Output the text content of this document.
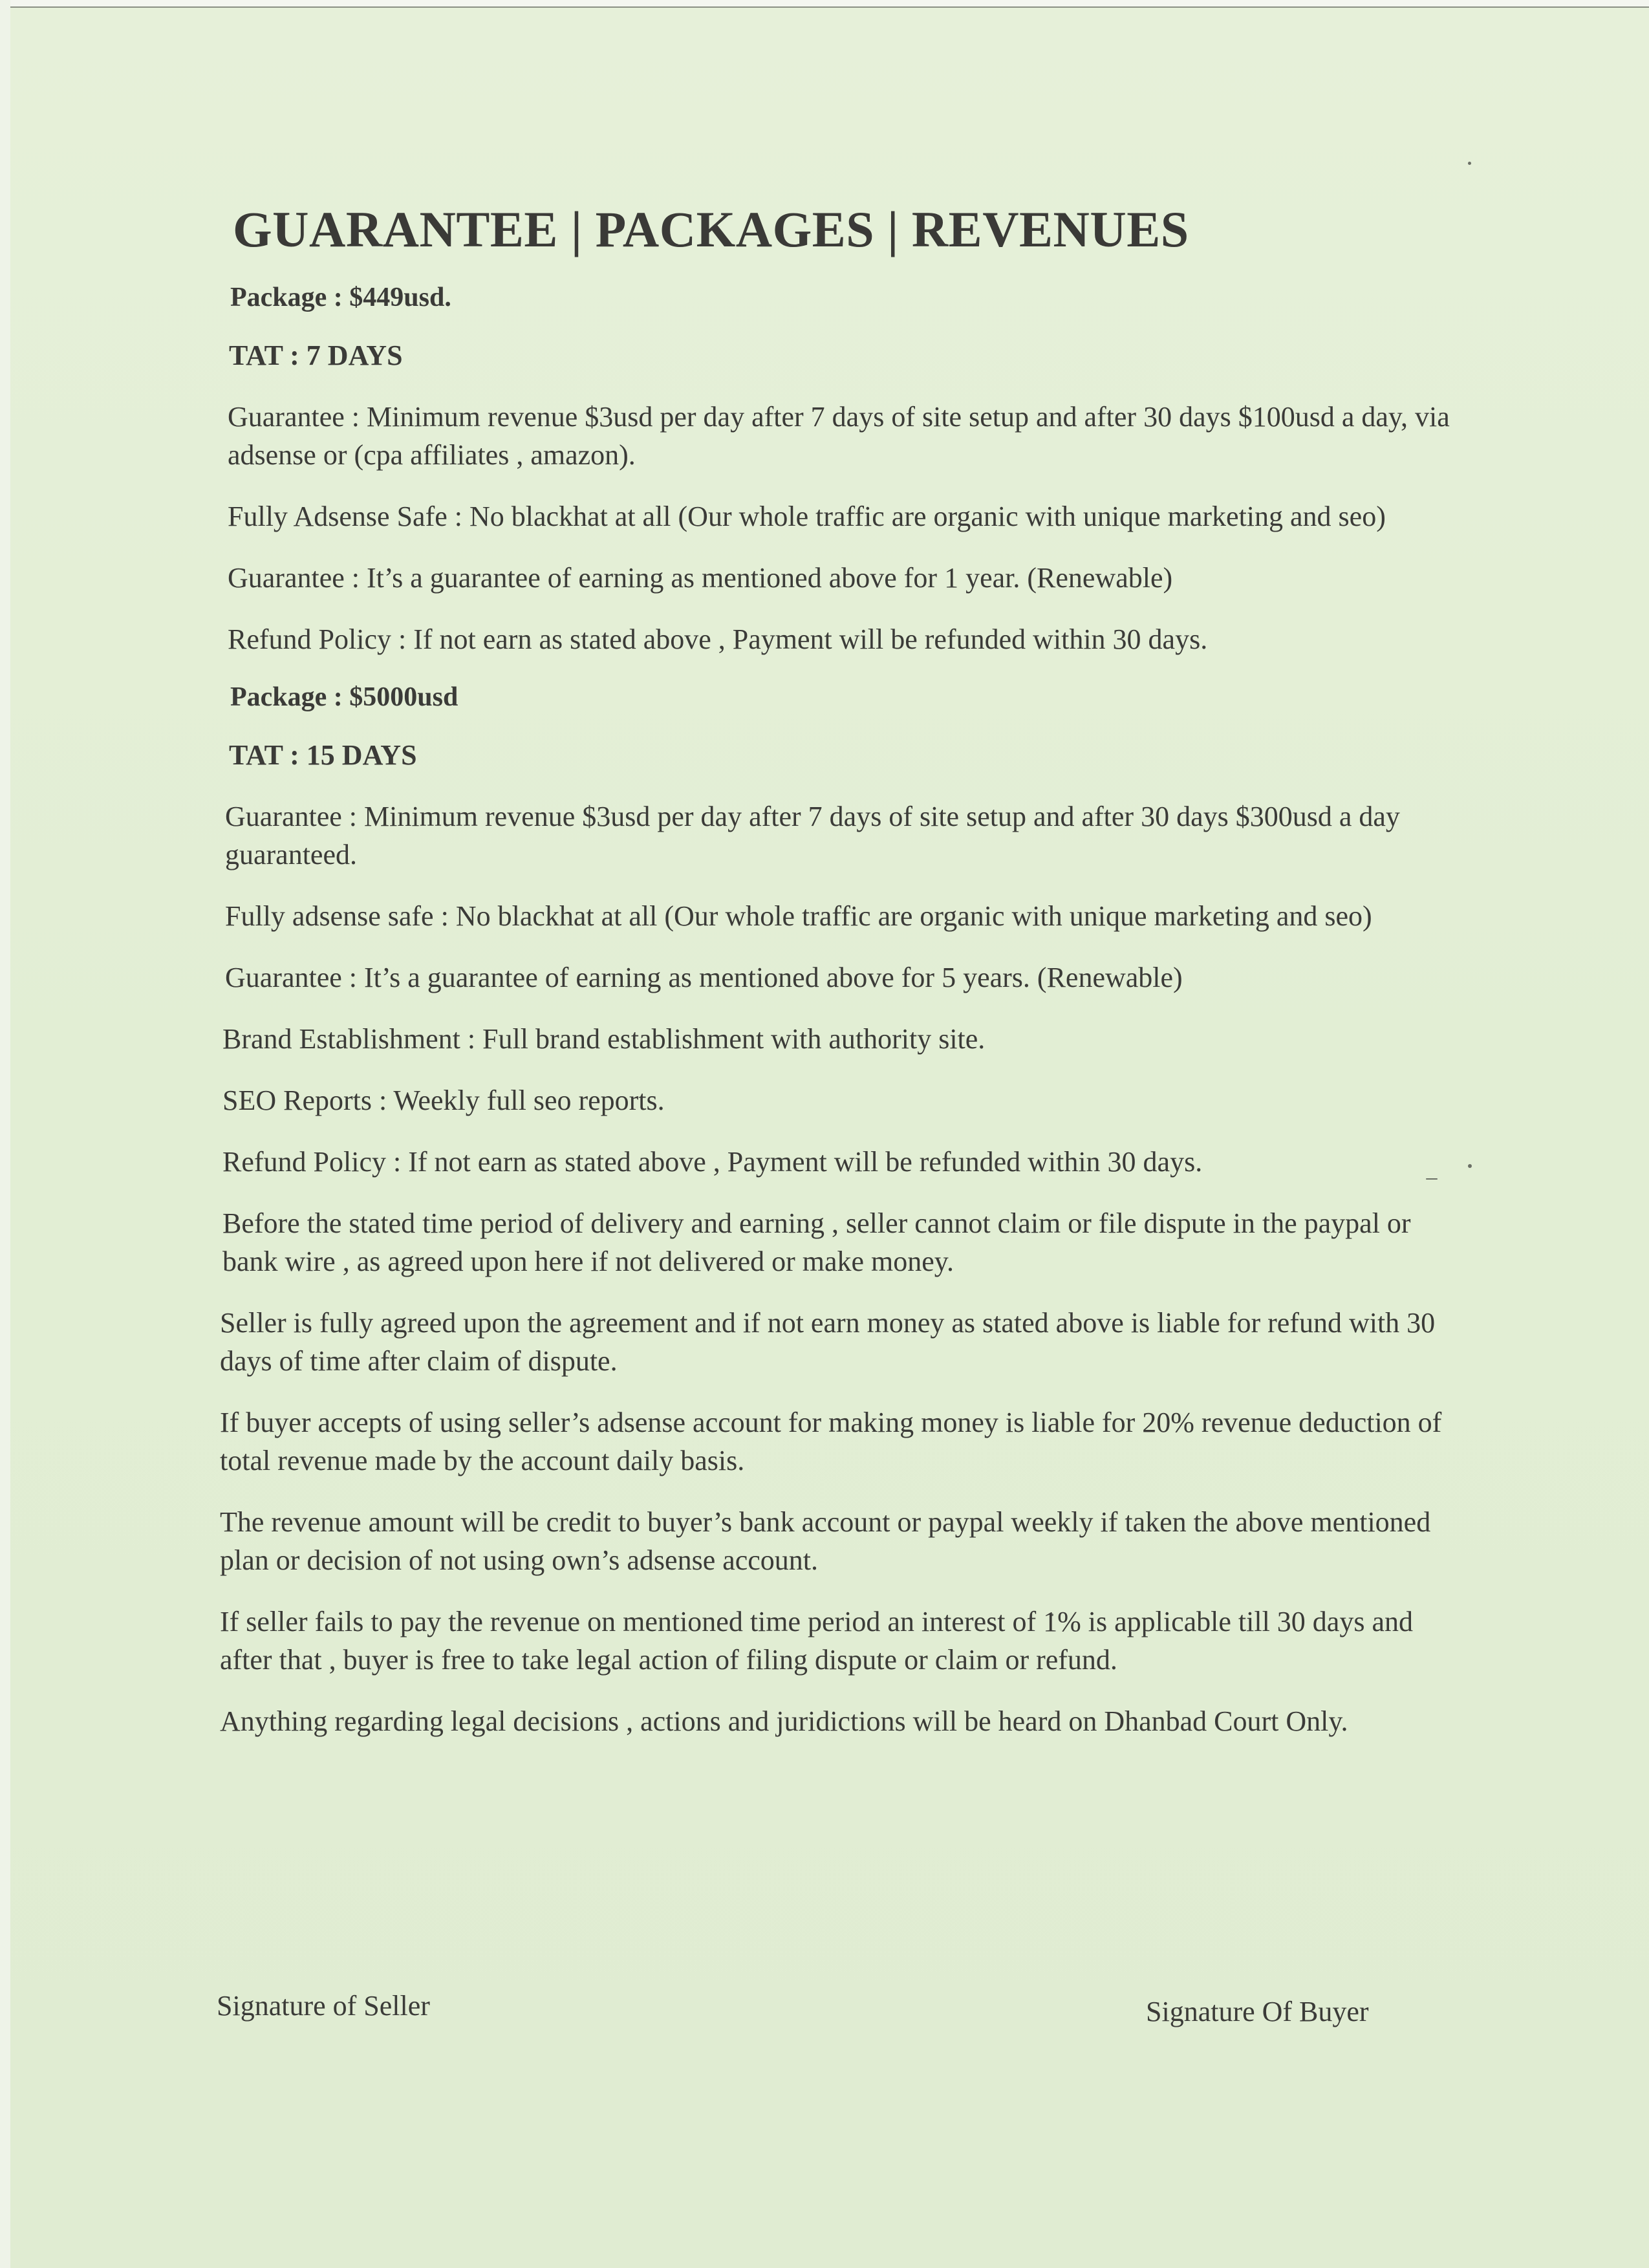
GUARANTEE | PACKAGES | REVENUES
Package : $449usd.
TAT : 7 DAYS

Guarantee : Minimum revenue $3usd per day after 7 days of site setup and after 30 days $100usd a day, via adsense or (cpa affiliates , amazon).

Fully Adsense Safe : No blackhat at all (Our whole traffic are organic with unique marketing and seo)

Guarantee : It’s a guarantee of earning as mentioned above for 1 year. (Renewable)

Refund Policy : If not earn as stated above , Payment will be refunded within 30 days.

Package : $5000usd
TAT : 15 DAYS

Guarantee : Minimum revenue $3usd per day after 7 days of site setup and after 30 days $300usd a day guaranteed.

Fully adsense safe : No blackhat at all (Our whole traffic are organic with unique marketing and seo)

Guarantee : It’s a guarantee of earning as mentioned above for 5 years. (Renewable)

Brand Establishment : Full brand establishment with authority site.

SEO Reports : Weekly full seo reports.

Refund Policy : If not earn as stated above , Payment will be refunded within 30 days.

Before the stated time period of delivery and earning , seller cannot claim or file dispute in the paypal or bank wire , as agreed upon here if not delivered or make money.

Seller is fully agreed upon the agreement and if not earn money as stated above is liable for refund with 30 days of time after claim of dispute.

If buyer accepts of using seller’s adsense account for making money is liable for 20% revenue deduction of total revenue made by the account daily basis.

The revenue amount will be credit to buyer’s bank account or paypal weekly if taken the above mentioned plan or decision of not using own’s adsense account.

If seller fails to pay the revenue on mentioned time period an interest of 1% is applicable till 30 days and after that , buyer is free to take legal action of filing dispute or claim or refund.

Anything regarding legal decisions , actions and juridictions will be heard on Dhanbad Court Only.

Signature of Seller	Signature Of Buyer
